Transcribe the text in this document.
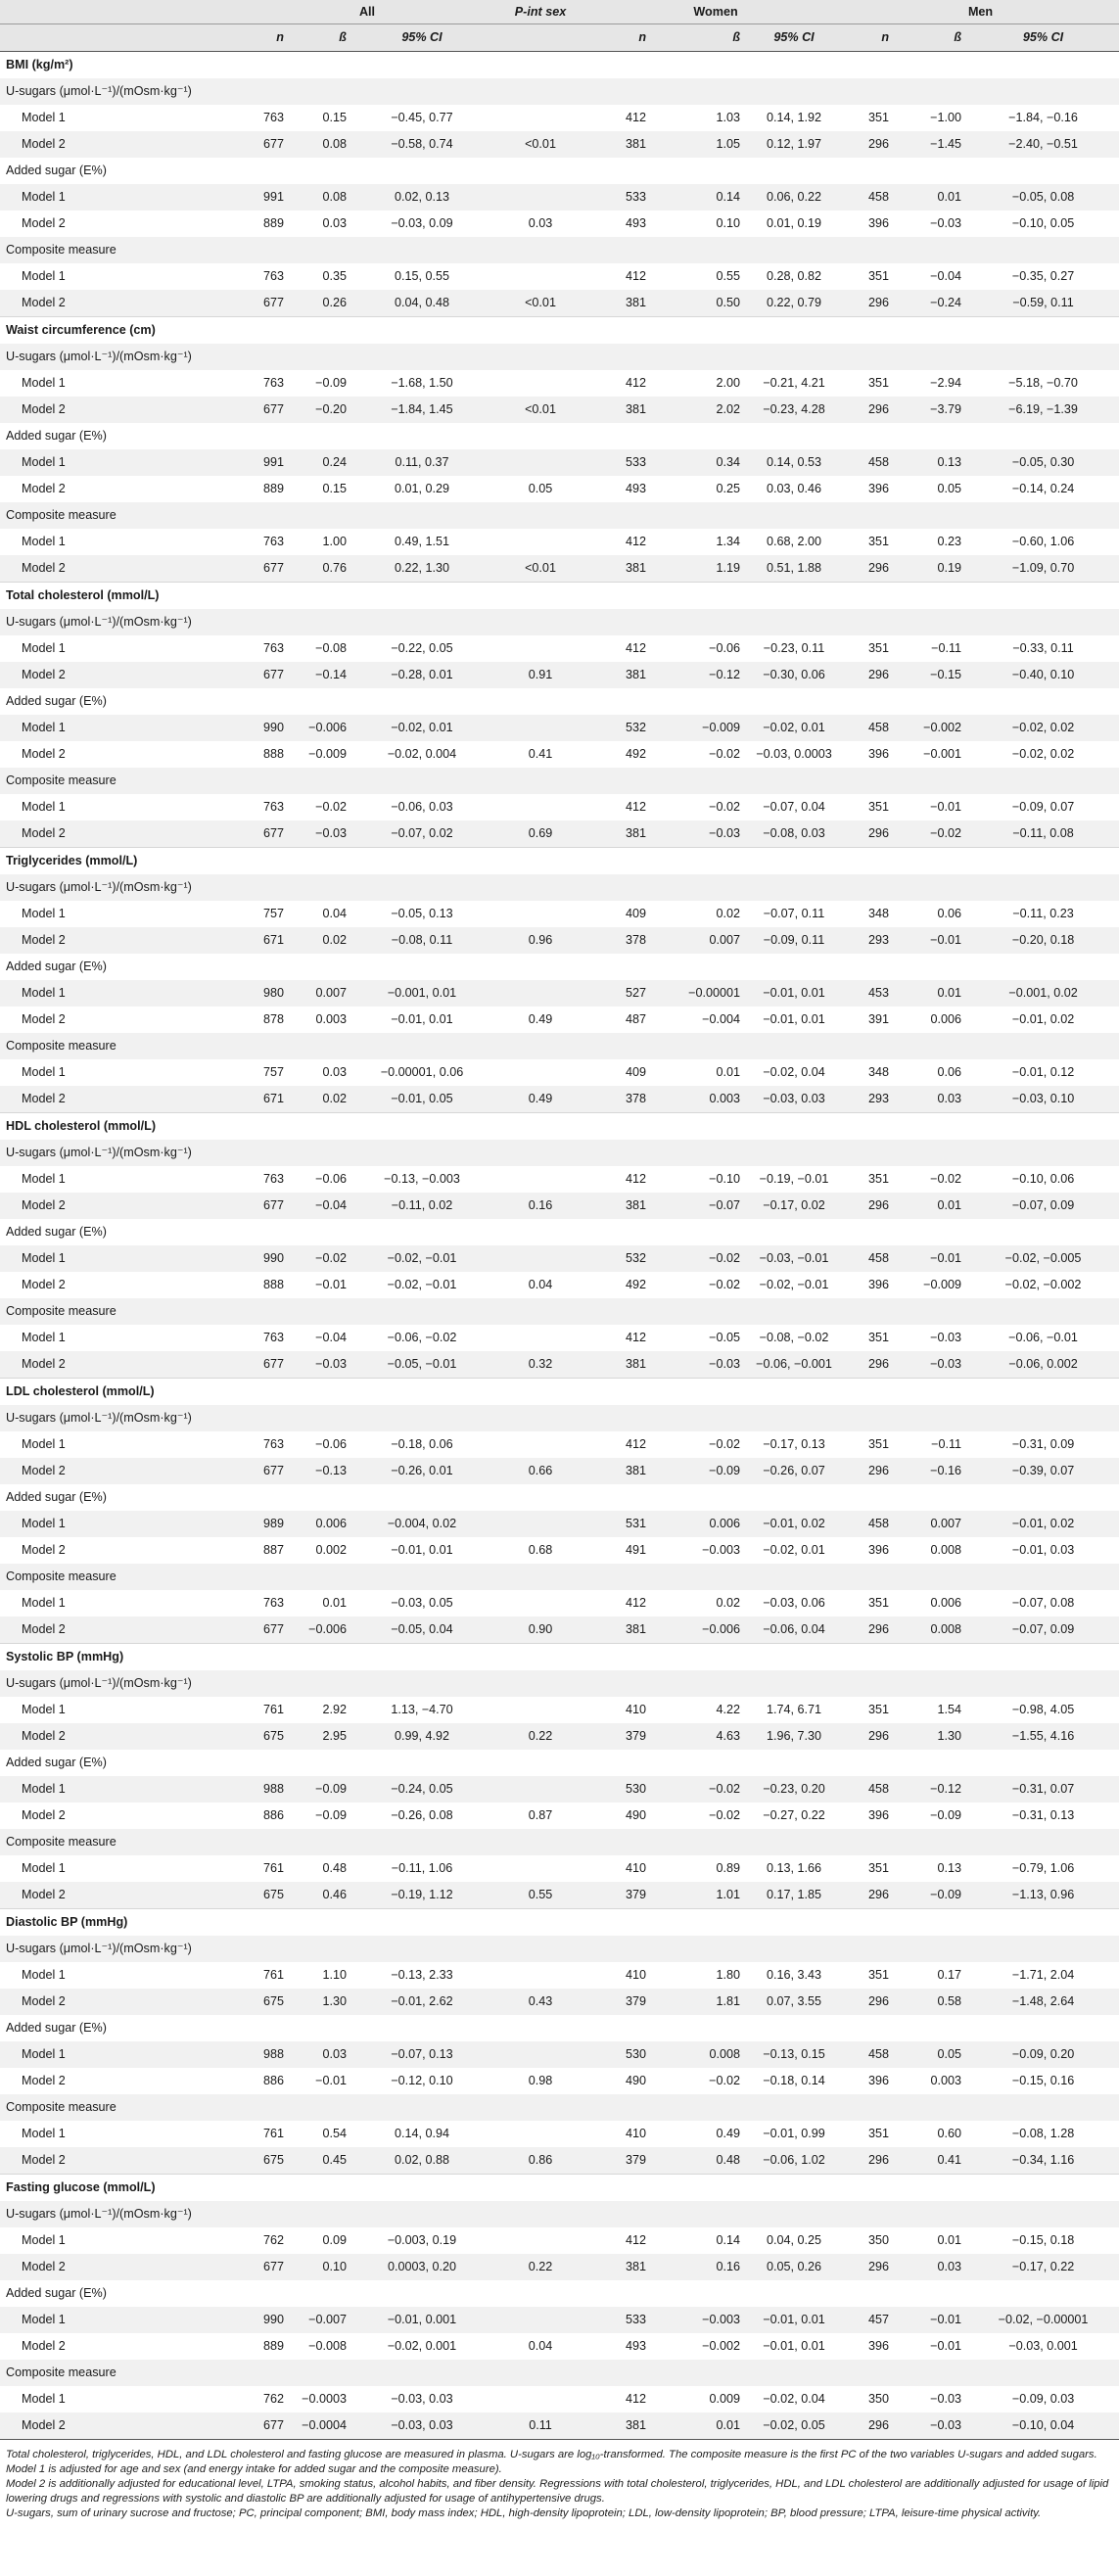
	All			P-int sex	Women			Men		
	n	ß	95% CI		n	ß	95% CI	n	ß	95% CI
BMI (kg/m²)										
U-sugars (μmol·L⁻¹)/(mOsm·kg⁻¹)										
Model 1	763	0.15	−0.45, 0.77		412	1.03	0.14, 1.92	351	−1.00	−1.84, −0.16
Model 2	677	0.08	−0.58, 0.74	<0.01	381	1.05	0.12, 1.97	296	−1.45	−2.40, −0.51
Added sugar (E%)										
Model 1	991	0.08	0.02, 0.13		533	0.14	0.06, 0.22	458	0.01	−0.05, 0.08
Model 2	889	0.03	−0.03, 0.09	0.03	493	0.10	0.01, 0.19	396	−0.03	−0.10, 0.05
Composite measure										
Model 1	763	0.35	0.15, 0.55		412	0.55	0.28, 0.82	351	−0.04	−0.35, 0.27
Model 2	677	0.26	0.04, 0.48	<0.01	381	0.50	0.22, 0.79	296	−0.24	−0.59, 0.11
Waist circumference (cm)										
U-sugars (μmol·L⁻¹)/(mOsm·kg⁻¹)										
Model 1	763	−0.09	−1.68, 1.50		412	2.00	−0.21, 4.21	351	−2.94	−5.18, −0.70
Model 2	677	−0.20	−1.84, 1.45	<0.01	381	2.02	−0.23, 4.28	296	−3.79	−6.19, −1.39
Added sugar (E%)										
Model 1	991	0.24	0.11, 0.37		533	0.34	0.14, 0.53	458	0.13	−0.05, 0.30
Model 2	889	0.15	0.01, 0.29	0.05	493	0.25	0.03, 0.46	396	0.05	−0.14, 0.24
Composite measure										
Model 1	763	1.00	0.49, 1.51		412	1.34	0.68, 2.00	351	0.23	−0.60, 1.06
Model 2	677	0.76	0.22, 1.30	<0.01	381	1.19	0.51, 1.88	296	0.19	−1.09, 0.70
Total cholesterol (mmol/L)										
U-sugars (μmol·L⁻¹)/(mOsm·kg⁻¹)										
Model 1	763	−0.08	−0.22, 0.05		412	−0.06	−0.23, 0.11	351	−0.11	−0.33, 0.11
Model 2	677	−0.14	−0.28, 0.01	0.91	381	−0.12	−0.30, 0.06	296	−0.15	−0.40, 0.10
Added sugar (E%)										
Model 1	990	−0.006	−0.02, 0.01		532	−0.009	−0.02, 0.01	458	−0.002	−0.02, 0.02
Model 2	888	−0.009	−0.02, 0.004	0.41	492	−0.02	−0.03, 0.0003	396	−0.001	−0.02, 0.02
Composite measure										
Model 1	763	−0.02	−0.06, 0.03		412	−0.02	−0.07, 0.04	351	−0.01	−0.09, 0.07
Model 2	677	−0.03	−0.07, 0.02	0.69	381	−0.03	−0.08, 0.03	296	−0.02	−0.11, 0.08
Triglycerides (mmol/L)										
U-sugars (μmol·L⁻¹)/(mOsm·kg⁻¹)										
Model 1	757	0.04	−0.05, 0.13		409	0.02	−0.07, 0.11	348	0.06	−0.11, 0.23
Model 2	671	0.02	−0.08, 0.11	0.96	378	0.007	−0.09, 0.11	293	−0.01	−0.20, 0.18
Added sugar (E%)										
Model 1	980	0.007	−0.001, 0.01		527	−0.00001	−0.01, 0.01	453	0.01	−0.001, 0.02
Model 2	878	0.003	−0.01, 0.01	0.49	487	−0.004	−0.01, 0.01	391	0.006	−0.01, 0.02
Composite measure										
Model 1	757	0.03	−0.00001, 0.06		409	0.01	−0.02, 0.04	348	0.06	−0.01, 0.12
Model 2	671	0.02	−0.01, 0.05	0.49	378	0.003	−0.03, 0.03	293	0.03	−0.03, 0.10
HDL cholesterol (mmol/L)										
U-sugars (μmol·L⁻¹)/(mOsm·kg⁻¹)										
Model 1	763	−0.06	−0.13, −0.003		412	−0.10	−0.19, −0.01	351	−0.02	−0.10, 0.06
Model 2	677	−0.04	−0.11, 0.02	0.16	381	−0.07	−0.17, 0.02	296	0.01	−0.07, 0.09
Added sugar (E%)										
Model 1	990	−0.02	−0.02, −0.01		532	−0.02	−0.03, −0.01	458	−0.01	−0.02, −0.005
Model 2	888	−0.01	−0.02, −0.01	0.04	492	−0.02	−0.02, −0.01	396	−0.009	−0.02, −0.002
Composite measure										
Model 1	763	−0.04	−0.06, −0.02		412	−0.05	−0.08, −0.02	351	−0.03	−0.06, −0.01
Model 2	677	−0.03	−0.05, −0.01	0.32	381	−0.03	−0.06, −0.001	296	−0.03	−0.06, 0.002
LDL cholesterol (mmol/L)										
U-sugars (μmol·L⁻¹)/(mOsm·kg⁻¹)										
Model 1	763	−0.06	−0.18, 0.06		412	−0.02	−0.17, 0.13	351	−0.11	−0.31, 0.09
Model 2	677	−0.13	−0.26, 0.01	0.66	381	−0.09	−0.26, 0.07	296	−0.16	−0.39, 0.07
Added sugar (E%)										
Model 1	989	0.006	−0.004, 0.02		531	0.006	−0.01, 0.02	458	0.007	−0.01, 0.02
Model 2	887	0.002	−0.01, 0.01	0.68	491	−0.003	−0.02, 0.01	396	0.008	−0.01, 0.03
Composite measure										
Model 1	763	0.01	−0.03, 0.05		412	0.02	−0.03, 0.06	351	0.006	−0.07, 0.08
Model 2	677	−0.006	−0.05, 0.04	0.90	381	−0.006	−0.06, 0.04	296	0.008	−0.07, 0.09
Systolic BP (mmHg)										
U-sugars (μmol·L⁻¹)/(mOsm·kg⁻¹)										
Model 1	761	2.92	1.13, −4.70		410	4.22	1.74, 6.71	351	1.54	−0.98, 4.05
Model 2	675	2.95	0.99, 4.92	0.22	379	4.63	1.96, 7.30	296	1.30	−1.55, 4.16
Added sugar (E%)										
Model 1	988	−0.09	−0.24, 0.05		530	−0.02	−0.23, 0.20	458	−0.12	−0.31, 0.07
Model 2	886	−0.09	−0.26, 0.08	0.87	490	−0.02	−0.27, 0.22	396	−0.09	−0.31, 0.13
Composite measure										
Model 1	761	0.48	−0.11, 1.06		410	0.89	0.13, 1.66	351	0.13	−0.79, 1.06
Model 2	675	0.46	−0.19, 1.12	0.55	379	1.01	0.17, 1.85	296	−0.09	−1.13, 0.96
Diastolic BP (mmHg)										
U-sugars (μmol·L⁻¹)/(mOsm·kg⁻¹)										
Model 1	761	1.10	−0.13, 2.33		410	1.80	0.16, 3.43	351	0.17	−1.71, 2.04
Model 2	675	1.30	−0.01, 2.62	0.43	379	1.81	0.07, 3.55	296	0.58	−1.48, 2.64
Added sugar (E%)										
Model 1	988	0.03	−0.07, 0.13		530	0.008	−0.13, 0.15	458	0.05	−0.09, 0.20
Model 2	886	−0.01	−0.12, 0.10	0.98	490	−0.02	−0.18, 0.14	396	0.003	−0.15, 0.16
Composite measure										
Model 1	761	0.54	0.14, 0.94		410	0.49	−0.01, 0.99	351	0.60	−0.08, 1.28
Model 2	675	0.45	0.02, 0.88	0.86	379	0.48	−0.06, 1.02	296	0.41	−0.34, 1.16
Fasting glucose (mmol/L)										
U-sugars (μmol·L⁻¹)/(mOsm·kg⁻¹)										
Model 1	762	0.09	−0.003, 0.19		412	0.14	0.04, 0.25	350	0.01	−0.15, 0.18
Model 2	677	0.10	0.0003, 0.20	0.22	381	0.16	0.05, 0.26	296	0.03	−0.17, 0.22
Added sugar (E%)										
Model 1	990	−0.007	−0.01, 0.001		533	−0.003	−0.01, 0.01	457	−0.01	−0.02, −0.00001
Model 2	889	−0.008	−0.02, 0.001	0.04	493	−0.002	−0.01, 0.01	396	−0.01	−0.03, 0.001
Composite measure										
Model 1	762	−0.0003	−0.03, 0.03		412	0.009	−0.02, 0.04	350	−0.03	−0.09, 0.03
Model 2	677	−0.0004	−0.03, 0.03	0.11	381	0.01	−0.02, 0.05	296	−0.03	−0.10, 0.04

Total cholesterol, triglycerides, HDL, and LDL cholesterol and fasting glucose are measured in plasma. U-sugars are log₁₀-transformed. The composite measure is the first PC of the two variables U-sugars and added sugars.

Model 1 is adjusted for age and sex (and energy intake for added sugar and the composite measure).

Model 2 is additionally adjusted for educational level, LTPA, smoking status, alcohol habits, and fiber density. Regressions with total cholesterol, triglycerides, HDL, and LDL cholesterol are additionally adjusted for usage of lipid lowering drugs and regressions with systolic and diastolic BP are additionally adjusted for usage of antihypertensive drugs.

U-sugars, sum of urinary sucrose and fructose; PC, principal component; BMI, body mass index; HDL, high-density lipoprotein; LDL, low-density lipoprotein; BP, blood pressure; LTPA, leisure-time physical activity.
